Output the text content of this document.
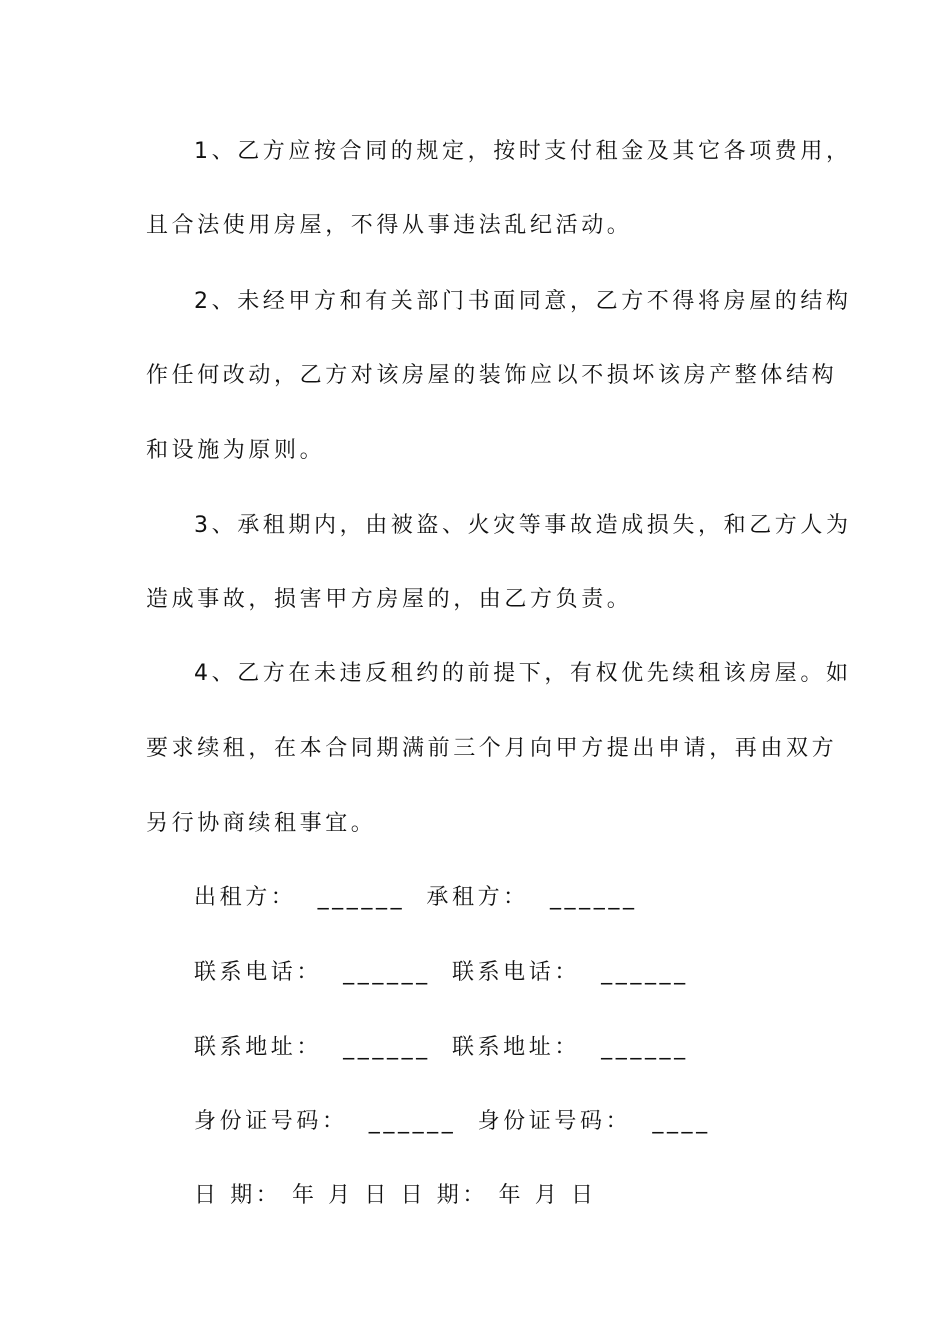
1、乙方应按合同的规定，按时支付租金及其它各项费用，
且合法使用房屋，不得从事违法乱纪活动。
2、未经甲方和有关部门书面同意，乙方不得将房屋的结构
作任何改动，乙方对该房屋的装饰应以不损坏该房产整体结构
和设施为原则。
3、承租期内，由被盗、火灾等事故造成损失，和乙方人为
造成事故，损害甲方房屋的，由乙方负责。
4、乙方在未违反租约的前提下，有权优先续租该房屋。如
要求续租，在本合同期满前三个月向甲方提出申请，再由双方
另行协商续租事宜。
出租方：  ______  承租方：  ______
联系电话：  ______  联系电话：  ______
联系地址：  ______  联系地址：  ______
身份证号码：  ______  身份证号码：  ____
日 期： 年 月 日 日 期： 年 月 日
